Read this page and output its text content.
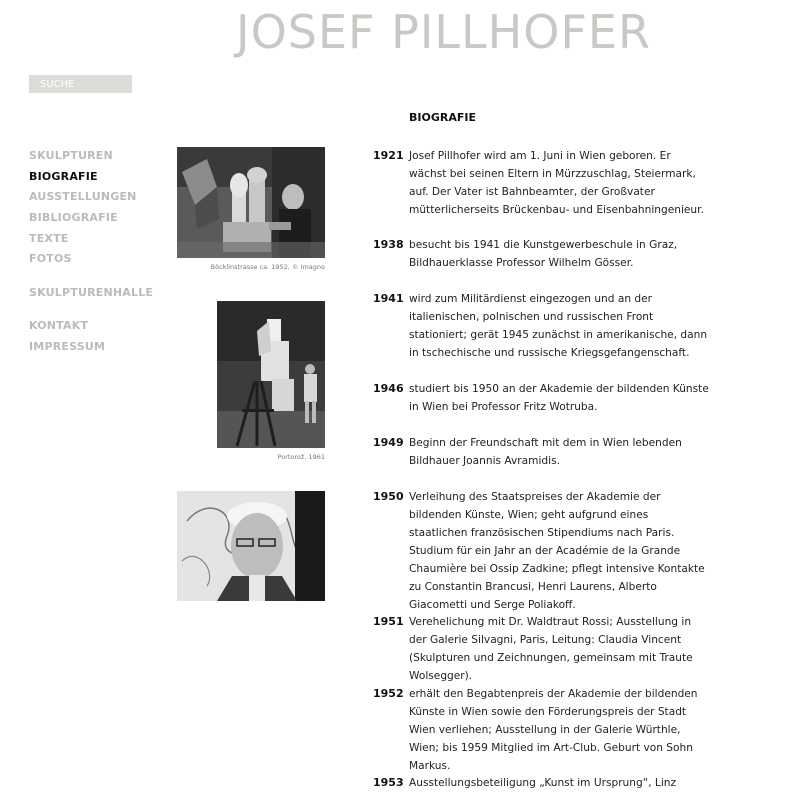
JOSEF PILLHOFER
SUCHE
SKULPTUREN
BIOGRAFIE
AUSSTELLUNGEN
BIBLIOGRAFIE
TEXTE
FOTOS
SKULPTURENHALLE
KONTAKT
IMPRESSUM
Böcklinstrasse ca. 1952, © Imagno
Portorož, 1961
BIOGRAFIE
1921 Josef Pillhofer wird am 1. Juni in Wien geboren. Er wächst bei seinen Eltern in Mürzzuschlag, Steiermark, auf. Der Vater ist Bahnbeamter, der Großvater mütterlicherseits Brückenbau- und Eisenbahningenieur.
1938 besucht bis 1941 die Kunstgewerbeschule in Graz, Bildhauerklasse Professor Wilhelm Gösser.
1941 wird zum Militärdienst eingezogen und an der italienischen, polnischen und russischen Front stationiert; gerät 1945 zunächst in amerikanische, dann in tschechische und russische Kriegsgefangenschaft.
1946 studiert bis 1950 an der Akademie der bildenden Künste in Wien bei Professor Fritz Wotruba.
1949 Beginn der Freundschaft mit dem in Wien lebenden Bildhauer Joannis Avramidis.
1950 Verleihung des Staatspreises der Akademie der bildenden Künste, Wien; geht aufgrund eines staatlichen französischen Stipendiums nach Paris. Studium für ein Jahr an der Académie de la Grande Chaumière bei Ossip Zadkine; pflegt intensive Kontakte zu Constantin Brancusi, Henri Laurens, Alberto Giacometti und Serge Poliakoff.
1951 Verehelichung mit Dr. Waldtraut Rossi; Ausstellung in der Galerie Silvagni, Paris, Leitung: Claudia Vincent (Skulpturen und Zeichnungen, gemeinsam mit Traute Wolsegger).
1952 erhält den Begabtenpreis der Akademie der bildenden Künste in Wien sowie den Förderungspreis der Stadt Wien verliehen; Ausstellung in der Galerie Würthle, Wien; bis 1959 Mitglied im Art-Club. Geburt von Sohn Markus.
1953 Ausstellungsbeteiligung „Kunst im Ursprung“, Linz
